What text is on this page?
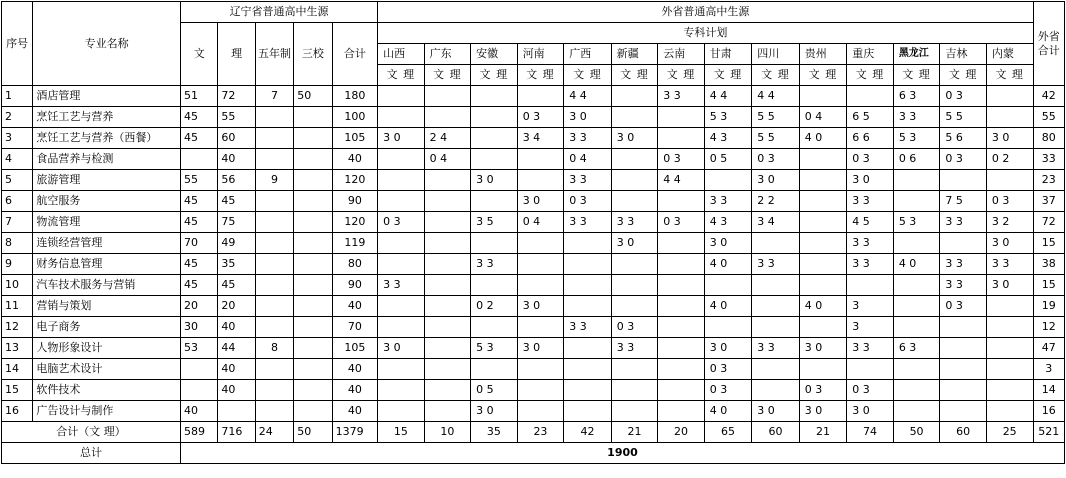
序号	专业名称	辽宁省普通高中生源					外省普通高中生源														外省合计
		文	理	五年制	三校	合计	专科计划														
							山西	广东	安徽	河南	广西	新疆	云南	甘肃	四川	贵州	重庆	黑龙江	吉林	内蒙	
							文 理	文 理	文 理	文 理	文 理	文 理	文 理	文 理	文 理	文 理	文 理	文 理	文 理	文 理	
1	酒店管理	51	72	7	50	180					4 4		3 3	4 4	4 4			6 3	0 3		42
2	烹饪工艺与营养	45	55			100				0 3	3 0			5 3	5 5	0 4	6 5	3 3	5 5		55
3	烹饪工艺与营养（西餐）	45	60			105	3 0	2 4		3 4	3 3	3 0		4 3	5 5	4 0	6 6	5 3	5 6	3 0	80
4	食品营养与检测		40			40		0 4			0 4		0 3	0 5	0 3		0 3	0 6	0 3	0 2	33
5	旅游管理	55	56	9		120			3 0		3 3		4 4		3 0		3 0				23
6	航空服务	45	45			90				3 0	0 3			3 3	2 2		3 3		7 5	0 3	37
7	物流管理	45	75			120	0 3		3 5	0 4	3 3	3 3	0 3	4 3	3 4		4 5	5 3	3 3	3 2	72
8	连锁经营管理	70	49			119						3 0		3 0			3 3			3 0	15
9	财务信息管理	45	35			80			3 3					4 0	3 3		3 3	4 0	3 3	3 3	38
10	汽车技术服务与营销	45	45			90	3 3												3 3	3 0	15
11	营销与策划	20	20			40			0 2	3 0				4 0		4 0	3		0 3		19
12	电子商务	30	40			70					3 3	0 3					3				12
13	人物形象设计	53	44	8		105	3 0		5 3	3 0		3 3		3 0	3 3	3 0	3 3	6 3			47
14	电脑艺术设计		40			40								0 3							3
15	软件技术		40			40			0 5					0 3		0 3	0 3				14
16	广告设计与制作	40				40			3 0					4 0	3 0	3 0	3 0				16
合计（文 理）		589	716	24	50	1379	15	10	35	23	42	21	20	65	60	21	74	50	60	25	521
总计		1900																			
